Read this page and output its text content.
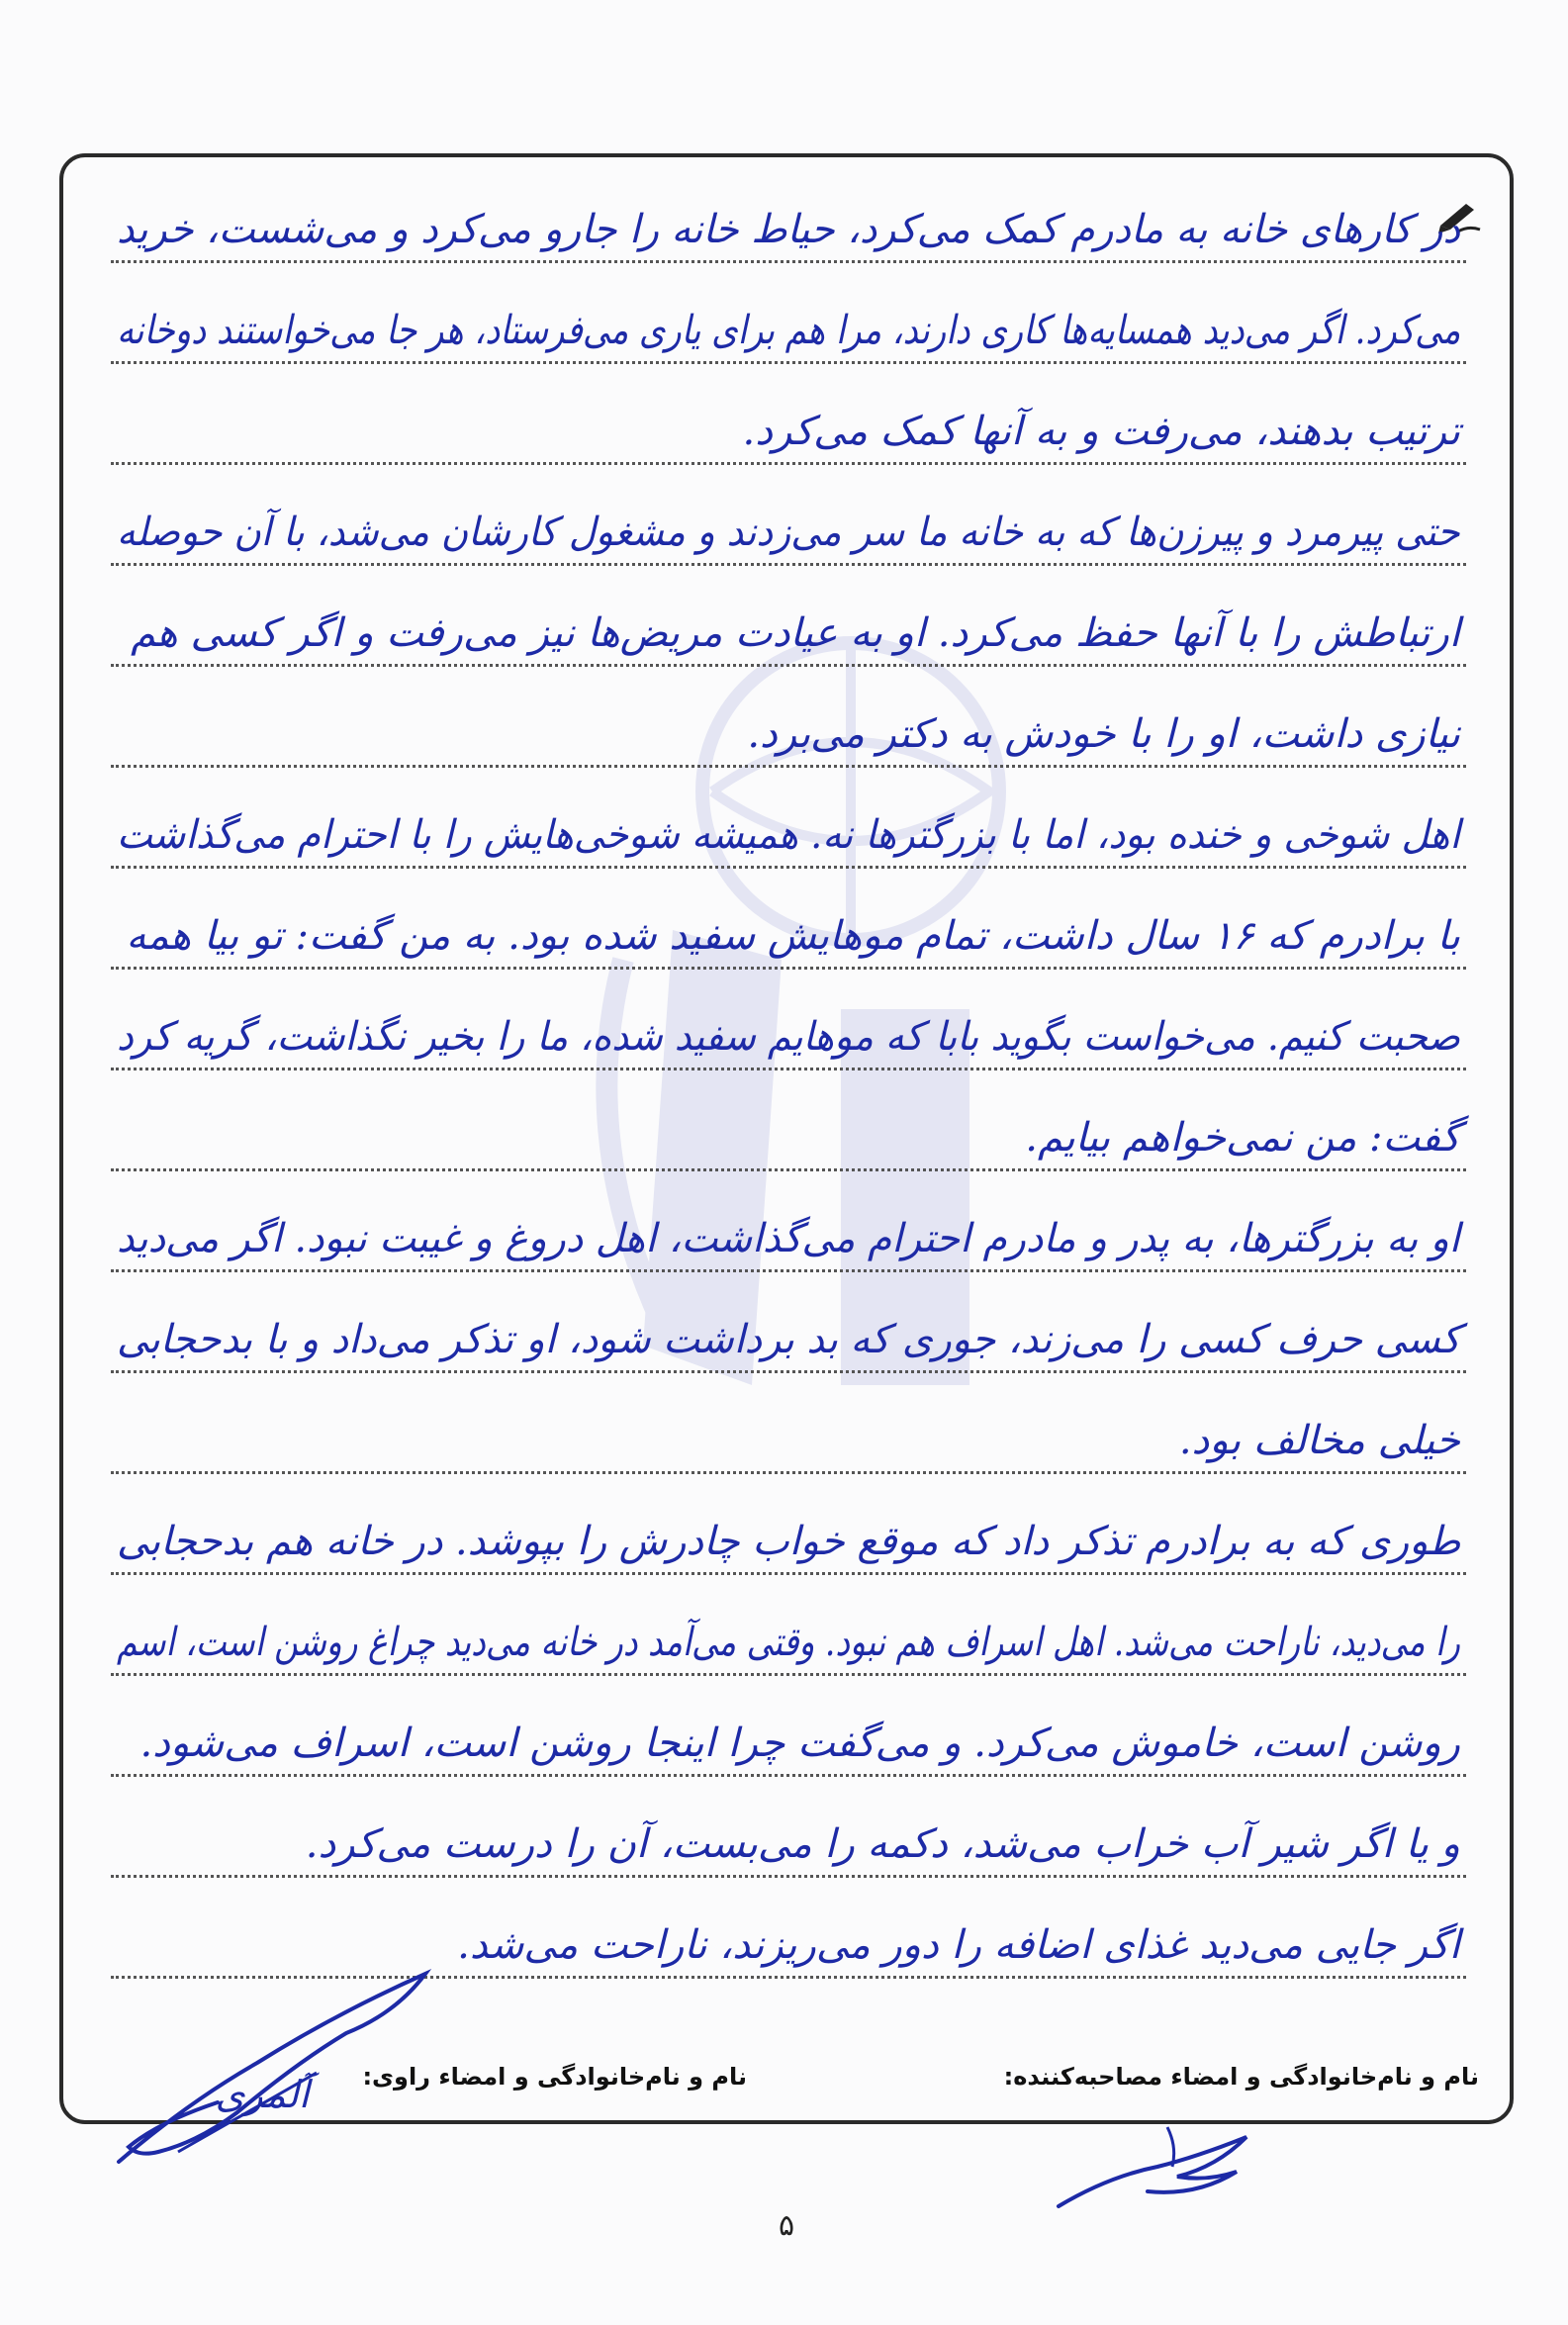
در کارهای خانه به مادرم کمک می‌کرد، حیاط خانه را جارو می‌کرد و می‌شست، خرید
می‌کرد. اگر می‌دید همسایه‌ها کاری دارند، مرا هم برای یاری می‌فرستاد، هر جا می‌خواستند دوخانه
ترتیب بدهند، می‌رفت و به آنها کمک می‌کرد.
حتی پیرمرد و پیرزن‌ها که به خانه ما سر می‌زدند و مشغول کارشان می‌شد، با آن حوصله
ارتباطش را با آنها حفظ می‌کرد. او به عیادت مریض‌ها نیز می‌رفت و اگر کسی هم
نیازی داشت، او را با خودش به دکتر می‌برد.
اهل شوخی و خنده بود، اما با بزرگترها نه. همیشه شوخی‌هایش را با احترام می‌گذاشت
با برادرم که ۱۶ سال داشت، تمام موهایش سفید شده بود. به من گفت: تو بیا همه
صحبت کنیم. می‌خواست بگوید بابا که موهایم سفید شده، ما را بخیر نگذاشت، گریه کرد
گفت: من نمی‌خواهم بیایم.
او به بزرگترها، به پدر و مادرم احترام می‌گذاشت، اهل دروغ و غیبت نبود. اگر می‌دید
کسی حرف کسی را می‌زند، جوری که بد برداشت شود، او تذکر می‌داد و با بدحجابی
خیلی مخالف بود.
طوری که به برادرم تذکر داد که موقع خواب چادرش را بپوشد. در خانه هم بدحجابی
را می‌دید، ناراحت می‌شد. اهل اسراف هم نبود. وقتی می‌آمد در خانه می‌دید چراغ روشن است، اسم
روشن است، خاموش می‌کرد. و می‌گفت چرا اینجا روشن است، اسراف می‌شود.
و یا اگر شیر آب خراب می‌شد، دکمه را می‌بست، آن را درست می‌کرد.
اگر جایی می‌دید غذای اضافه را دور می‌ریزند، ناراحت می‌شد.
آلمری	نام و نام‌خانوادگی و امضاء مصاحبه‌کننده:
نام و نام‌خانوادگی و امضاء راوی:
۵
